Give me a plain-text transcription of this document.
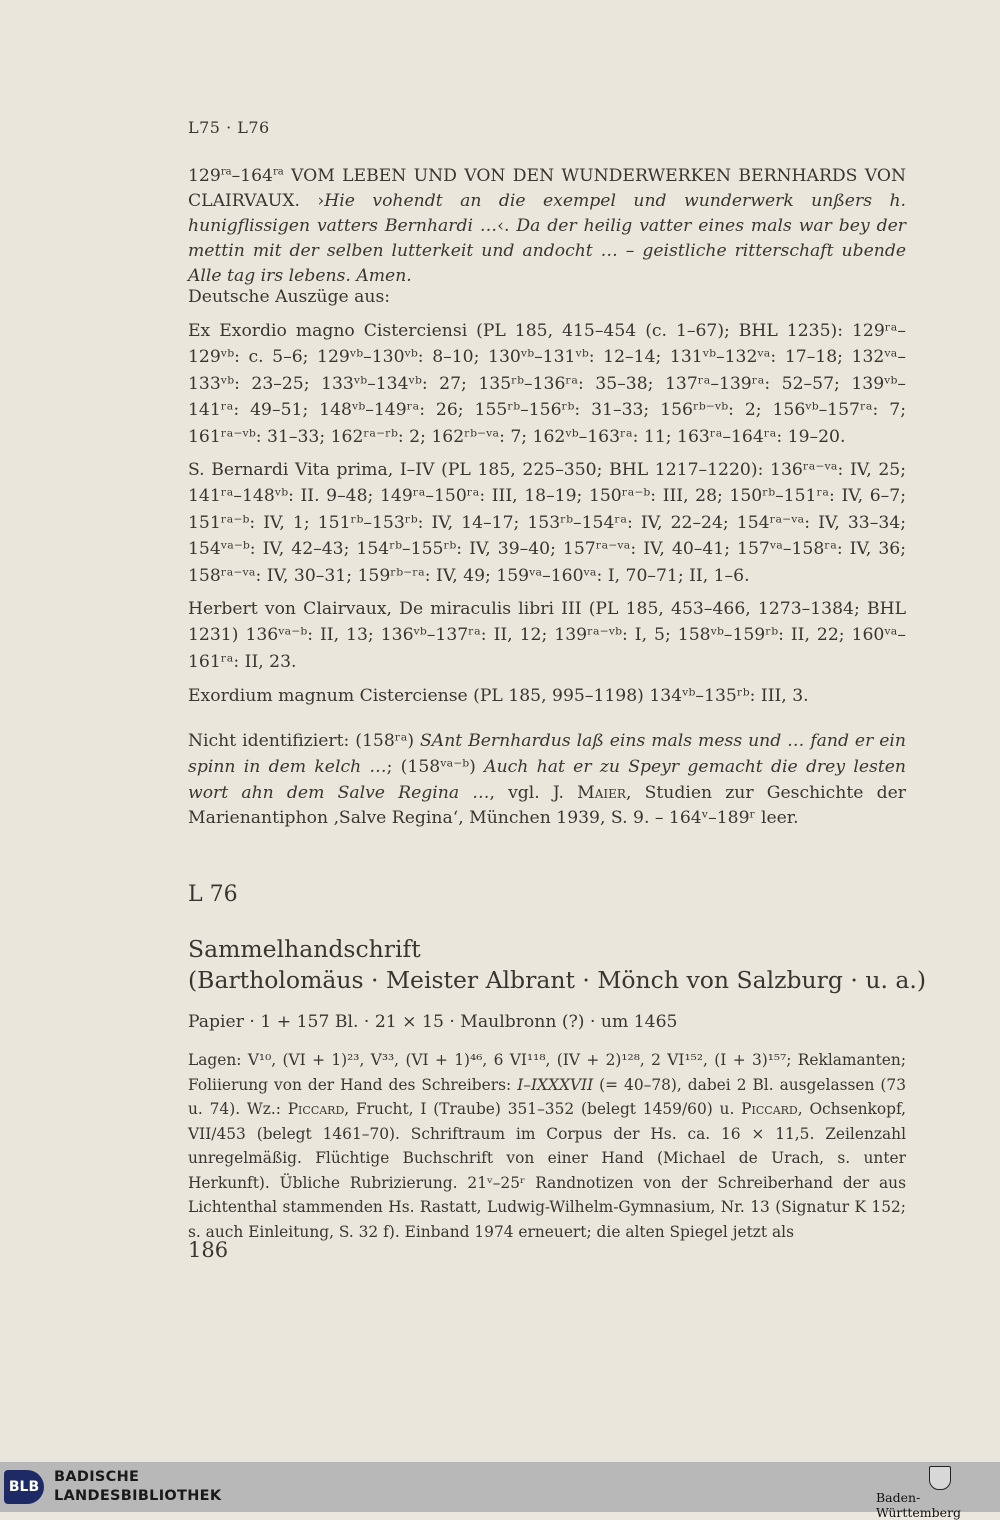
L75 · L76
$129^{ra}-164^{ra}$ VOM LEBEN UND VON DEN WUNDERWERKEN BERNHARDS VON CLAIRVAUX. ›Hie vohendt an die exempel und wunderwerk unßers h. hunigflissigen vatters Bernhardi …‹. Da der heilig vatter eines mals war bey der mettin mit der selben lutterkeit und andocht … – geistliche ritterschaft ubende Alle tag irs lebens. Amen.
Deutsche Auszüge aus:
Ex Exordio magno Cisterciensi (PL 185, 415–454 (c. 1–67); BHL 1235): 129ʳᵃ–129ᵛᵇ: c. 5–6; 129ᵛᵇ–130ᵛᵇ: 8–10; 130ᵛᵇ–131ᵛᵇ: 12–14; 131ᵛᵇ–132ᵛᵃ: 17–18; 132ᵛᵃ–133ᵛᵇ: 23–25; 133ᵛᵇ–134ᵛᵇ: 27; 135ʳᵇ–136ʳᵃ: 35–38; 137ʳᵃ–139ʳᵃ: 52–57; 139ᵛᵇ–141ʳᵃ: 49–51; 148ᵛᵇ–149ʳᵃ: 26; 155ʳᵇ–156ʳᵇ: 31–33; 156ʳᵇ⁻ᵛᵇ: 2; 156ᵛᵇ–157ʳᵃ: 7; 161ʳᵃ⁻ᵛᵇ: 31–33; 162ʳᵃ⁻ʳᵇ: 2; 162ʳᵇ⁻ᵛᵃ: 7; 162ᵛᵇ–163ʳᵃ: 11; 163ʳᵃ–164ʳᵃ: 19–20.
S. Bernardi Vita prima, I–IV (PL 185, 225–350; BHL 1217–1220): 136ʳᵃ⁻ᵛᵃ: IV, 25; 141ʳᵃ–148ᵛᵇ: II. 9–48; 149ʳᵃ–150ʳᵃ: III, 18–19; 150ʳᵃ⁻ᵇ: III, 28; 150ʳᵇ–151ʳᵃ: IV, 6–7; 151ʳᵃ⁻ᵇ: IV, 1; 151ʳᵇ–153ʳᵇ: IV, 14–17; 153ʳᵇ–154ʳᵃ: IV, 22–24; 154ʳᵃ⁻ᵛᵃ: IV, 33–34; 154ᵛᵃ⁻ᵇ: IV, 42–43; 154ʳᵇ–155ʳᵇ: IV, 39–40; 157ʳᵃ⁻ᵛᵃ: IV, 40–41; 157ᵛᵃ–158ʳᵃ: IV, 36; 158ʳᵃ⁻ᵛᵃ: IV, 30–31; 159ʳᵇ⁻ʳᵃ: IV, 49; 159ᵛᵃ–160ᵛᵃ: I, 70–71; II, 1–6.
Herbert von Clairvaux, De miraculis libri III (PL 185, 453–466, 1273–1384; BHL 1231) 136ᵛᵃ⁻ᵇ: II, 13; 136ᵛᵇ–137ʳᵃ: II, 12; 139ʳᵃ⁻ᵛᵇ: I, 5; 158ᵛᵇ–159ʳᵇ: II, 22; 160ᵛᵃ–161ʳᵃ: II, 23.
Exordium magnum Cisterciense (PL 185, 995–1198) 134ᵛᵇ–135ʳᵇ: III, 3.
Nicht identifiziert: (158ʳᵃ) SAnt Bernhardus laß eins mals mess und … fand er ein spinn in dem kelch …; (158ᵛᵃ⁻ᵇ) Auch hat er zu Speyr gemacht die drey lesten wort ahn dem Salve Regina …, vgl. J. Maier, Studien zur Geschichte der Marienantiphon ‚Salve Regina‘, München 1939, S. 9. – 164ᵛ–189ʳ leer.
L 76
Sammelhandschrift
(Bartholomäus · Meister Albrant · Mönch von Salzburg · u. a.)
Papier · 1 + 157 Bl. · 21 × 15 · Maulbronn (?) · um 1465
Lagen: V¹⁰, (VI + 1)²³, V³³, (VI + 1)⁴⁶, 6 VI¹¹⁸, (IV + 2)¹²⁸, 2 VI¹⁵², (I + 3)¹⁵⁷; Reklamanten; Foliierung von der Hand des Schreibers: I–IXXXVII (= 40–78), dabei 2 Bl. ausgelassen (73 u. 74). Wz.: Piccard, Frucht, I (Traube) 351–352 (belegt 1459/60) u. Piccard, Ochsenkopf, VII/453 (belegt 1461–70). Schriftraum im Corpus der Hs. ca. 16 × 11,5. Zeilenzahl unregelmäßig. Flüchtige Buchschrift von einer Hand (Michael de Urach, s. unter Herkunft). Übliche Rubrizierung. 21ᵛ–25ʳ Randnotizen von der Schreiberhand der aus Lichtenthal stammenden Hs. Rastatt, Ludwig-Wilhelm-Gymnasium, Nr. 13 (Signatur K 152; s. auch Einleitung, S. 32 f). Einband 1974 erneuert; die alten Spiegel jetzt als
186
BLB
BADISCHE
LANDESBIBLIOTHEK	Baden-Württemberg
